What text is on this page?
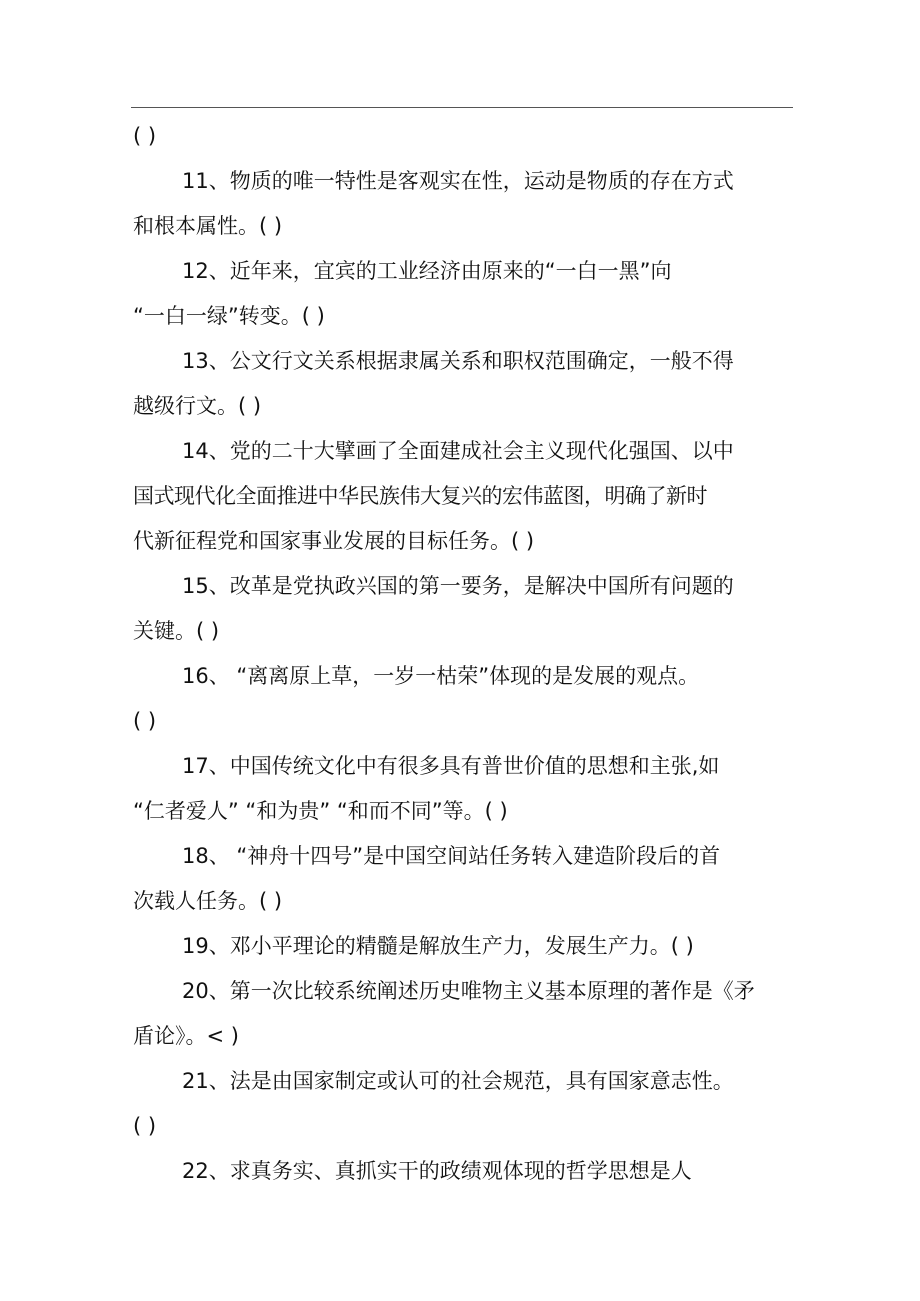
( )
11、物质的唯一特性是客观实在性，运动是物质的存在方式
和根本属性。( )
12、近年来，宜宾的工业经济由原来的“一白一黑”向
“一白一绿”转变。( )
13、公文行文关系根据隶属关系和职权范围确定，一般不得
越级行文。( )
14、党的二十大擘画了全面建成社会主义现代化强国、以中
国式现代化全面推进中华民族伟大复兴的宏伟蓝图，明确了新时
代新征程党和国家事业发展的目标任务。( )
15、改革是党执政兴国的第一要务，是解决中国所有问题的
关键。( )
16、 “离离原上草，一岁一枯荣”体现的是发展的观点。
( )
17、中国传统文化中有很多具有普世价值的思想和主张,如
“仁者爱人” “和为贵” “和而不同”等。( )
18、 “神舟十四号”是中国空间站任务转入建造阶段后的首
次载人任务。( )
19、邓小平理论的精髓是解放生产力，发展生产力。( )
20、第一次比较系统阐述历史唯物主义基本原理的著作是《矛
盾论》。< )
21、法是由国家制定或认可的社会规范，具有国家意志性。
( )
22、求真务实、真抓实干的政绩观体现的哲学思想是人
